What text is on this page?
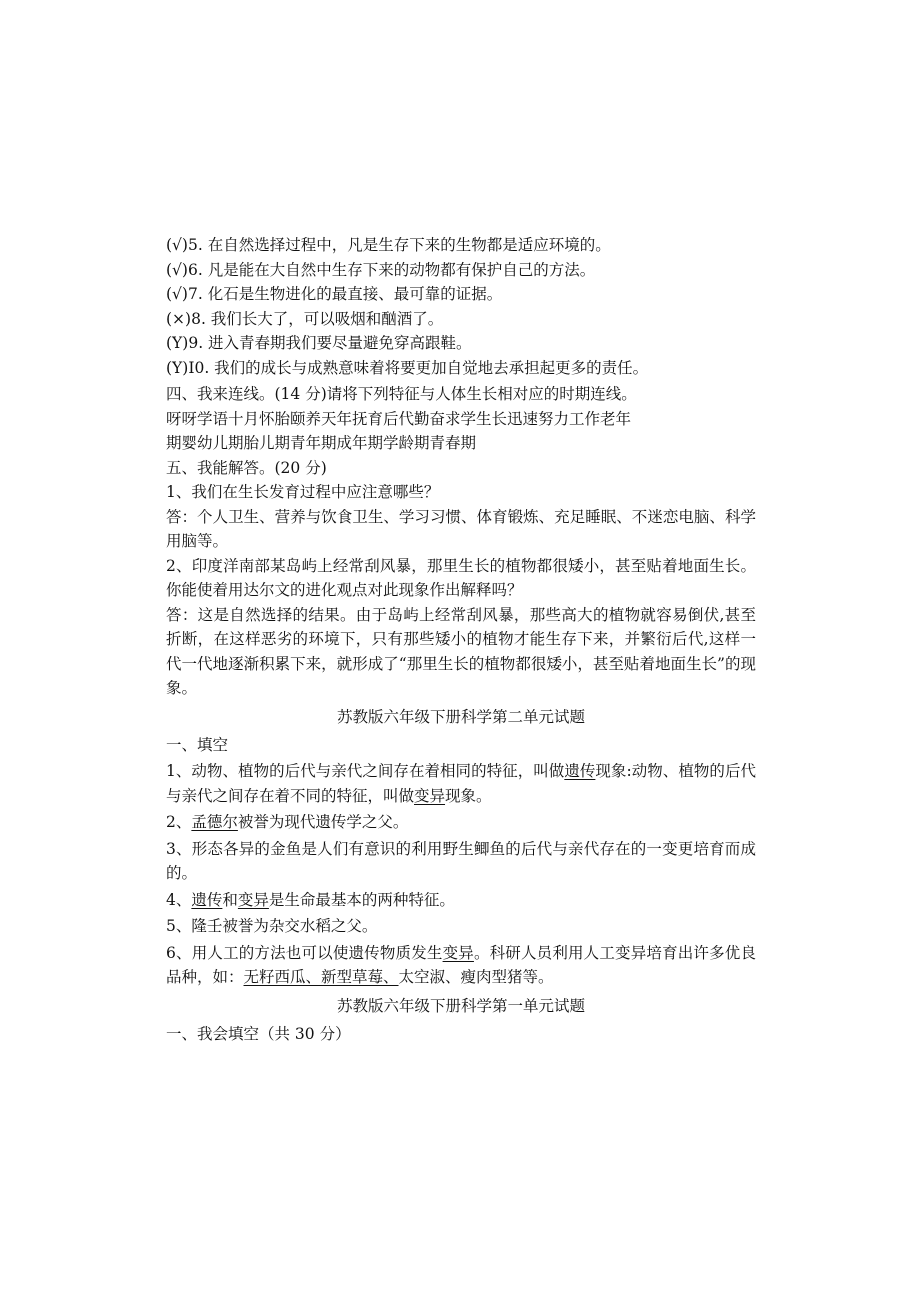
(√)5. 在自然选择过程中，凡是生存下来的生物都是适应环境的。
(√)6. 凡是能在大自然中生存下来的动物都有保护自己的方法。
(√)7. 化石是生物进化的最直接、最可靠的证据。
(×)8. 我们长大了，可以吸烟和酗酒了。
(Y)9. 进入青春期我们要尽量避免穿高跟鞋。
(Y)I0. 我们的成长与成熟意味着将要更加自觉地去承担起更多的责任。
四、我来连线。(14 分)请将下列特征与人体生长相对应的时期连线。
呀呀学语十月怀胎颐养天年抚育后代勤奋求学生长迅速努力工作老年
期婴幼儿期胎儿期青年期成年期学龄期青春期
五、我能解答。(20 分)
1、我们在生长发育过程中应注意哪些？
答：个人卫生、营养与饮食卫生、学习习惯、体育锻炼、充足睡眠、不迷恋电脑、科学用脑等。
2、印度洋南部某岛屿上经常刮风暴，那里生长的植物都很矮小，甚至贴着地面生长。你能使着用达尔文的进化观点对此现象作出解释吗？
答：这是自然选择的结果。由于岛屿上经常刮风暴，那些高大的植物就容易倒伏,甚至折断，在这样恶劣的环境下，只有那些矮小的植物才能生存下来，并繁衍后代,这样一代一代地逐渐积累下来，就形成了“那里生长的植物都很矮小，甚至贴着地面生长”的现象。
苏教版六年级下册科学第二单元试题
一、填空
1、动物、植物的后代与亲代之间存在着相同的特征，叫做遗传现象:动物、植物的后代与亲代之间存在着不同的特征，叫做变异现象。
2、孟德尔被誉为现代遗传学之父。
3、形态各异的金鱼是人们有意识的利用野生鲫鱼的后代与亲代存在的一变更培育而成的。
4、遗传和变异是生命最基本的两种特征。
5、隆壬被誉为杂交水稻之父。
6、用人工的方法也可以使遗传物质发生变异。科研人员利用人工变异培育出许多优良品种，如：无籽西瓜、新型草莓、太空淑、瘦肉型猪等。
苏教版六年级下册科学第一单元试题
一、我会填空（共 30 分）
